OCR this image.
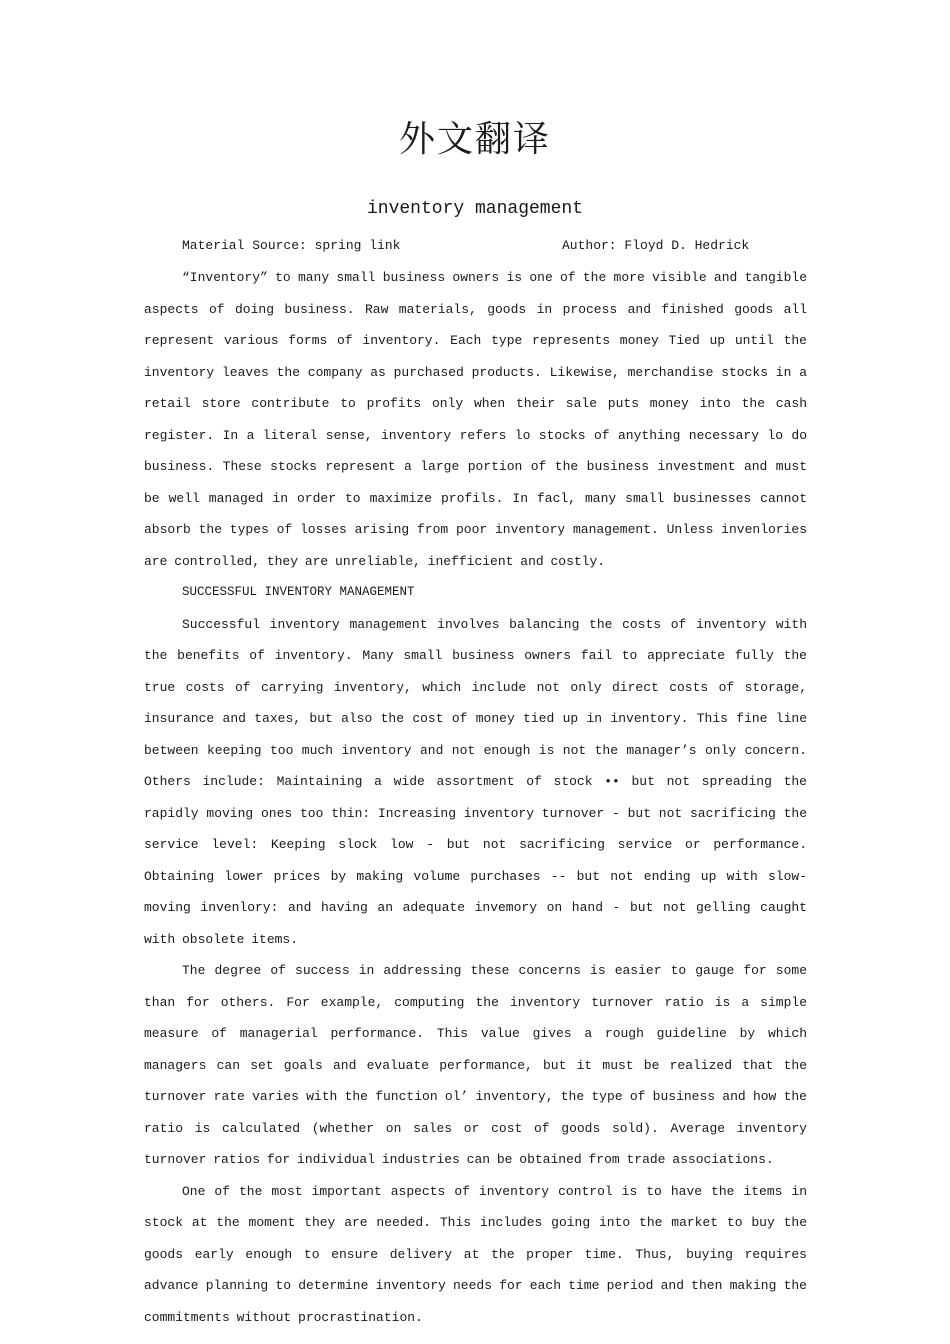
外文翻译
inventory management
Material Source: spring link	Author: Floyd D. Hedrick

“Inventory” to many small business owners is one of the more visible and tangible aspects of doing business. Raw materials, goods in process and finished goods all represent various forms of inventory. Each type represents money Tied up until the inventory leaves the company as purchased products. Likewise, merchandise stocks in a retail store contribute to profits only when their sale puts money into the cash register. In a literal sense, inventory refers lo stocks of anything necessary lo do business. These stocks represent a large portion of the business investment and must be well managed in order to maximize profils. In facl, many small businesses cannot absorb the types of losses arising from poor inventory management. Unless invenlories are controlled, they are unreliable, inefficient and costly.

SUCCESSFUL INVENTORY MANAGEMENT

Successful inventory management involves balancing the costs of inventory with the benefits of inventory. Many small business owners fail to appreciate fully the true costs of carrying inventory, which include not only direct costs of storage, insurance and taxes, but also the cost of money tied up in inventory. This fine line between keeping too much inventory and not enough is not the manager’s only concern. Others include: Maintaining a wide assortment of stock •• but not spreading the rapidly moving ones too thin: Increasing inventory turnover - but not sacrificing the service level: Keeping slock low - but not sacrificing service or performance. Obtaining lower prices by making volume purchases -- but not ending up with slow-moving invenlory: and having an adequate invemory on hand - but not gelling caught with obsolete items.

The degree of success in addressing these concerns is easier to gauge for some than for others. For example, computing the inventory turnover ratio is a simple measure of managerial performance. This value gives a rough guideline by which managers can set goals and evaluate performance, but it must be realized that the turnover rate varies with the function ol’ inventory, the type of business and how the ratio is calculated (whether on sales or cost of goods sold). Average inventory turnover ratios for individual industries can be obtained from trade associations.

One of the most important aspects of inventory control is to have the items in stock at the moment they are needed. This includes going into the market to buy the goods early enough to ensure delivery at the proper time. Thus, buying requires advance planning to determine inventory needs for each time period and then making the commitments without procrastination.
